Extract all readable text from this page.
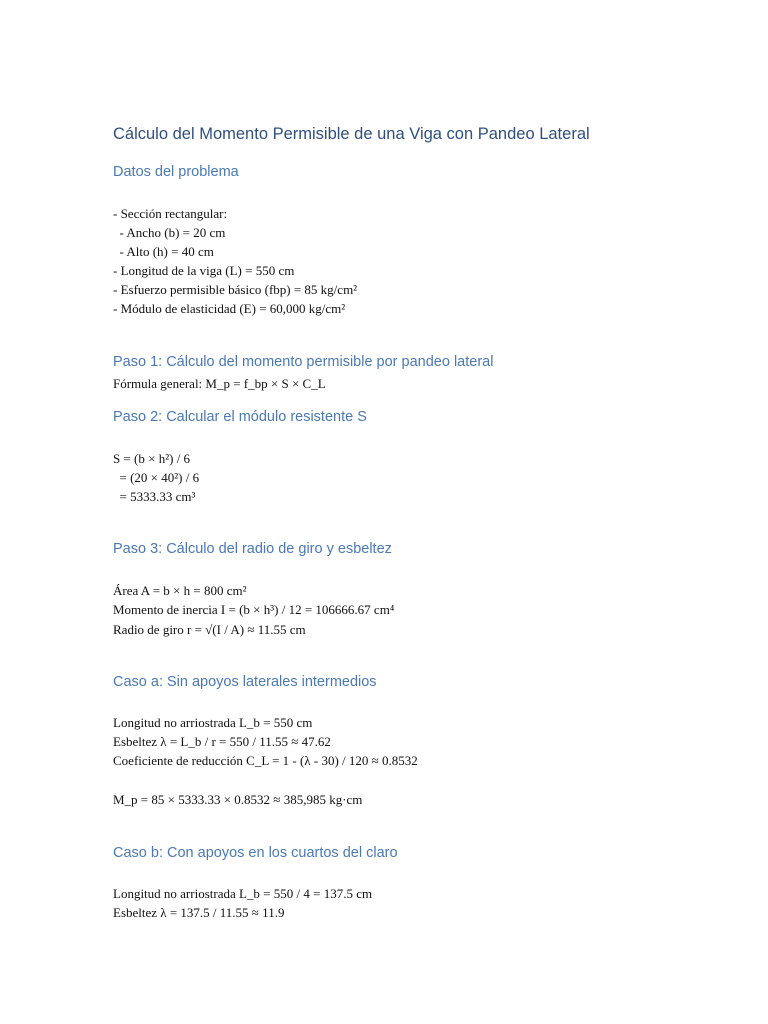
Cálculo del Momento Permisible de una Viga con Pandeo Lateral
Datos del problema
- Sección rectangular:
- Ancho (b) = 20 cm
- Alto (h) = 40 cm
- Longitud de la viga (L) = 550 cm
- Esfuerzo permisible básico (fbp) = 85 kg/cm²
- Módulo de elasticidad (E) = 60,000 kg/cm²
Paso 1: Cálculo del momento permisible por pandeo lateral
Fórmula general: M_p = f_bp × S × C_L
Paso 2: Calcular el módulo resistente S
S = (b × h²) / 6
= (20 × 40²) / 6
= 5333.33 cm³
Paso 3: Cálculo del radio de giro y esbeltez
Área A = b × h = 800 cm²
Momento de inercia I = (b × h³) / 12 = 106666.67 cm⁴
Radio de giro r = √(I / A) ≈ 11.55 cm
Caso a: Sin apoyos laterales intermedios
Longitud no arriostrada L_b = 550 cm
Esbeltez λ = L_b / r = 550 / 11.55 ≈ 47.62
Coeficiente de reducción C_L = 1 - (λ - 30) / 120 ≈ 0.8532
M_p = 85 × 5333.33 × 0.8532 ≈ 385,985 kg·cm
Caso b: Con apoyos en los cuartos del claro
Longitud no arriostrada L_b = 550 / 4 = 137.5 cm
Esbeltez λ = 137.5 / 11.55 ≈ 11.9
